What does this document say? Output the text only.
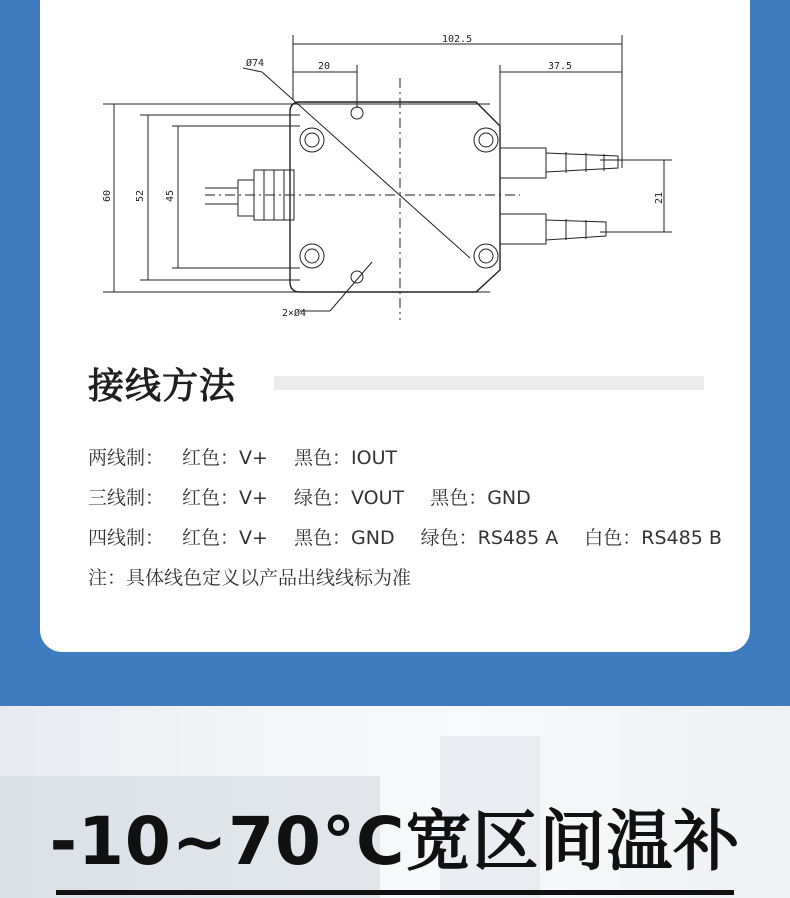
102.5
20	37.5
Ø74
2×Ø4
60 52 45	21
接线方法
两线制： 红色：V+ 黑色：IOUT
三线制： 红色：V+ 绿色：VOUT 黑色：GND
四线制： 红色：V+ 黑色：GND 绿色：RS485 A 白色：RS485 B
注：具体线色定义以产品出线线标为准
-10~70°C宽区间温补
